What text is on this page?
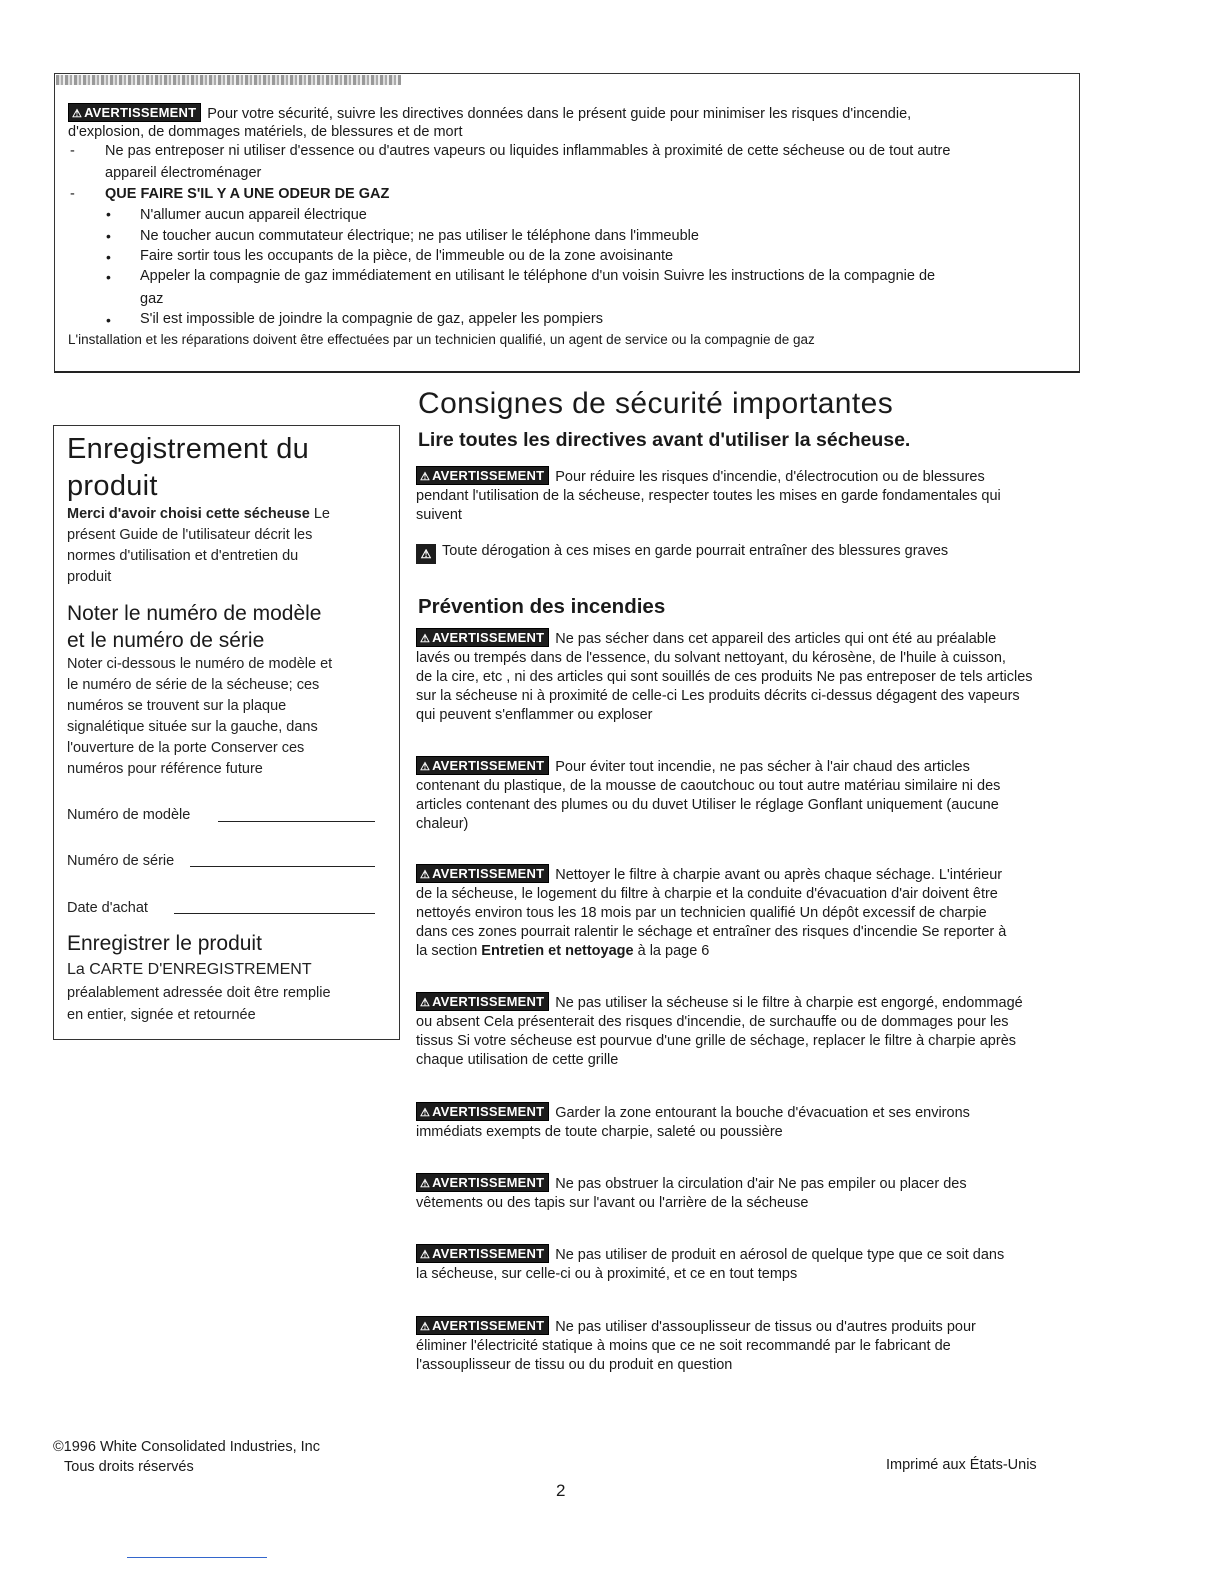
⚠ AVERTISSEMENT Pour votre sécurité, suivre les directives données dans le présent guide pour minimiser les risques d'incendie,
d'explosion, de dommages matériels, de blessures et de mort
- Ne pas entreposer ni utiliser d'essence ou d'autres vapeurs ou liquides inflammables à proximité de cette sécheuse ou de tout autre
appareil électroménager
- QUE FAIRE S'IL Y A UNE ODEUR DE GAZ
• N'allumer aucun appareil électrique
• Ne toucher aucun commutateur électrique; ne pas utiliser le téléphone dans l'immeuble
• Faire sortir tous les occupants de la pièce, de l'immeuble ou de la zone avoisinante
• Appeler la compagnie de gaz immédiatement en utilisant le téléphone d'un voisin Suivre les instructions de la compagnie de
gaz
• S'il est impossible de joindre la compagnie de gaz, appeler les pompiers
L'installation et les réparations doivent être effectuées par un technicien qualifié, un agent de service ou la compagnie de gaz
Enregistrement du
produit
Merci d'avoir choisi cette sécheuse Le
présent Guide de l'utilisateur décrit les
normes d'utilisation et d'entretien du
produit
Noter le numéro de modèle
et le numéro de série
Noter ci-dessous le numéro de modèle et
le numéro de série de la sécheuse; ces
numéros se trouvent sur la plaque
signalétique située sur la gauche, dans
l'ouverture de la porte Conserver ces
numéros pour référence future
Numéro de modèle
Numéro de série
Date d'achat
Enregistrer le produit
La CARTE D'ENREGISTREMENT
préalablement adressée doit être remplie
en entier, signée et retournée
Consignes de sécurité importantes
Lire toutes les directives avant d'utiliser la sécheuse.
⚠ AVERTISSEMENT Pour réduire les risques d'incendie, d'électrocution ou de blessures
pendant l'utilisation de la sécheuse, respecter toutes les mises en garde fondamentales qui
suivent
⚠ Toute dérogation à ces mises en garde pourrait entraîner des blessures graves
Prévention des incendies
⚠ AVERTISSEMENT Ne pas sécher dans cet appareil des articles qui ont été au préalable
lavés ou trempés dans de l'essence, du solvant nettoyant, du kérosène, de l'huile à cuisson,
de la cire, etc , ni des articles qui sont souillés de ces produits Ne pas entreposer de tels articles
sur la sécheuse ni à proximité de celle-ci Les produits décrits ci-dessus dégagent des vapeurs
qui peuvent s'enflammer ou exploser
⚠ AVERTISSEMENT Pour éviter tout incendie, ne pas sécher à l'air chaud des articles
contenant du plastique, de la mousse de caoutchouc ou tout autre matériau similaire ni des
articles contenant des plumes ou du duvet Utiliser le réglage Gonflant uniquement (aucune
chaleur)
⚠ AVERTISSEMENT Nettoyer le filtre à charpie avant ou après chaque séchage. L'intérieur
de la sécheuse, le logement du filtre à charpie et la conduite d'évacuation d'air doivent être
nettoyés environ tous les 18 mois par un technicien qualifié Un dépôt excessif de charpie
dans ces zones pourrait ralentir le séchage et entraîner des risques d'incendie Se reporter à
la section Entretien et nettoyage à la page 6
⚠ AVERTISSEMENT Ne pas utiliser la sécheuse si le filtre à charpie est engorgé, endommagé
ou absent Cela présenterait des risques d'incendie, de surchauffe ou de dommages pour les
tissus Si votre sécheuse est pourvue d'une grille de séchage, replacer le filtre à charpie après
chaque utilisation de cette grille
⚠ AVERTISSEMENT Garder la zone entourant la bouche d'évacuation et ses environs
immédiats exempts de toute charpie, saleté ou poussière
⚠ AVERTISSEMENT Ne pas obstruer la circulation d'air Ne pas empiler ou placer des
vêtements ou des tapis sur l'avant ou l'arrière de la sécheuse
⚠ AVERTISSEMENT Ne pas utiliser de produit en aérosol de quelque type que ce soit dans
la sécheuse, sur celle-ci ou à proximité, et ce en tout temps
⚠ AVERTISSEMENT Ne pas utiliser d'assouplisseur de tissus ou d'autres produits pour
éliminer l'électricité statique à moins que ce ne soit recommandé par le fabricant de
l'assouplisseur de tissu ou du produit en question
©1996 White Consolidated Industries, Inc
Tous droits réservés
2
Imprimé aux États-Unis
